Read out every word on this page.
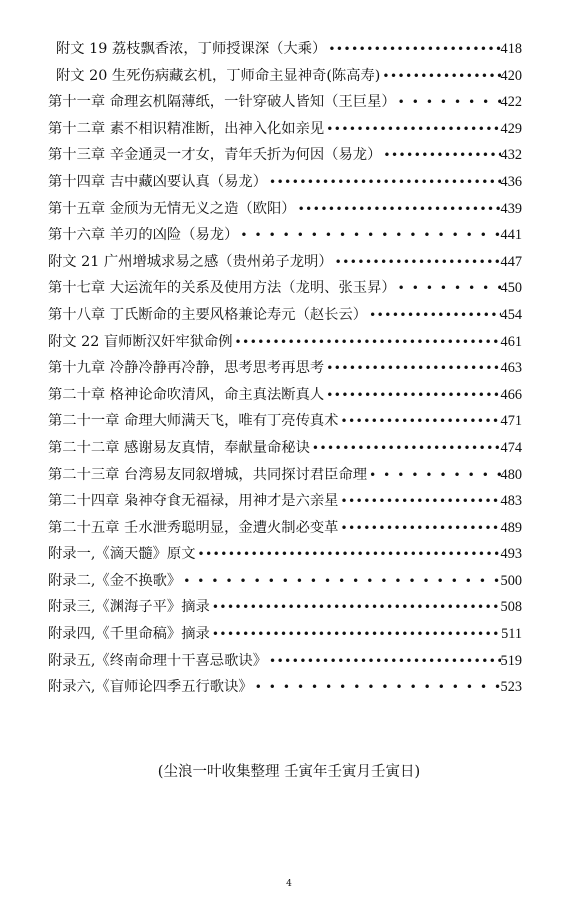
附文 19 荔枝飘香浓，丁师授课深（大乘） •••••	418
附文 20 生死伤病藏玄机，丁师命主显神奇(陈高寿) •••••	420
第十一章 命理玄机隔薄纸，一针穿破人皆知（王巨星） •••••	422
第十二章 素不相识精准断，出神入化如亲见 •••••	429
第十三章 辛金通灵一才女，青年夭折为何因（易龙） •••••	432
第十四章 吉中藏凶要认真（易龙） •••••	436
第十五章 金颀为无情无义之造（欧阳） •••••	439
第十六章 羊刃的凶险（易龙） •••••	441
附文 21 广州增城求易之感（贵州弟子龙明） •••••	447
第十七章 大运流年的关系及使用方法（龙明、张玉昇） •••••	450
第十八章 丁氏断命的主要风格兼论寿元（赵长云） •••••	454
附文 22 盲师断汉奸牢狱命例 •••••	461
第十九章 冷静冷静再冷静，思考思考再思考 •••••	463
第二十章 格神论命吹清风，命主真法断真人 •••••	466
第二十一章 命理大师满天飞，唯有丁亮传真术 •••••	471
第二十二章 感谢易友真情，奉献量命秘诀 •••••	474
第二十三章 台湾易友同叙增城，共同探讨君臣命理 •••••	480
第二十四章 枭神夺食无福禄，用神才是六亲星 •••••	483
第二十五章 壬水泄秀聪明显，金遭火制必变革 •••••	489
附录一,《滴天髓》原文 •••••	493
附录二,《金不换歌》 •••••	500
附录三,《渊海子平》摘录 •••••	508
附录四,《千里命稿》摘录 •••••	511
附录五,《终南命理十干喜忌歌诀》 •••••	519
附录六,《盲师论四季五行歌诀》 •••••	523
(尘浪一叶收集整理 壬寅年壬寅月壬寅日)
4
